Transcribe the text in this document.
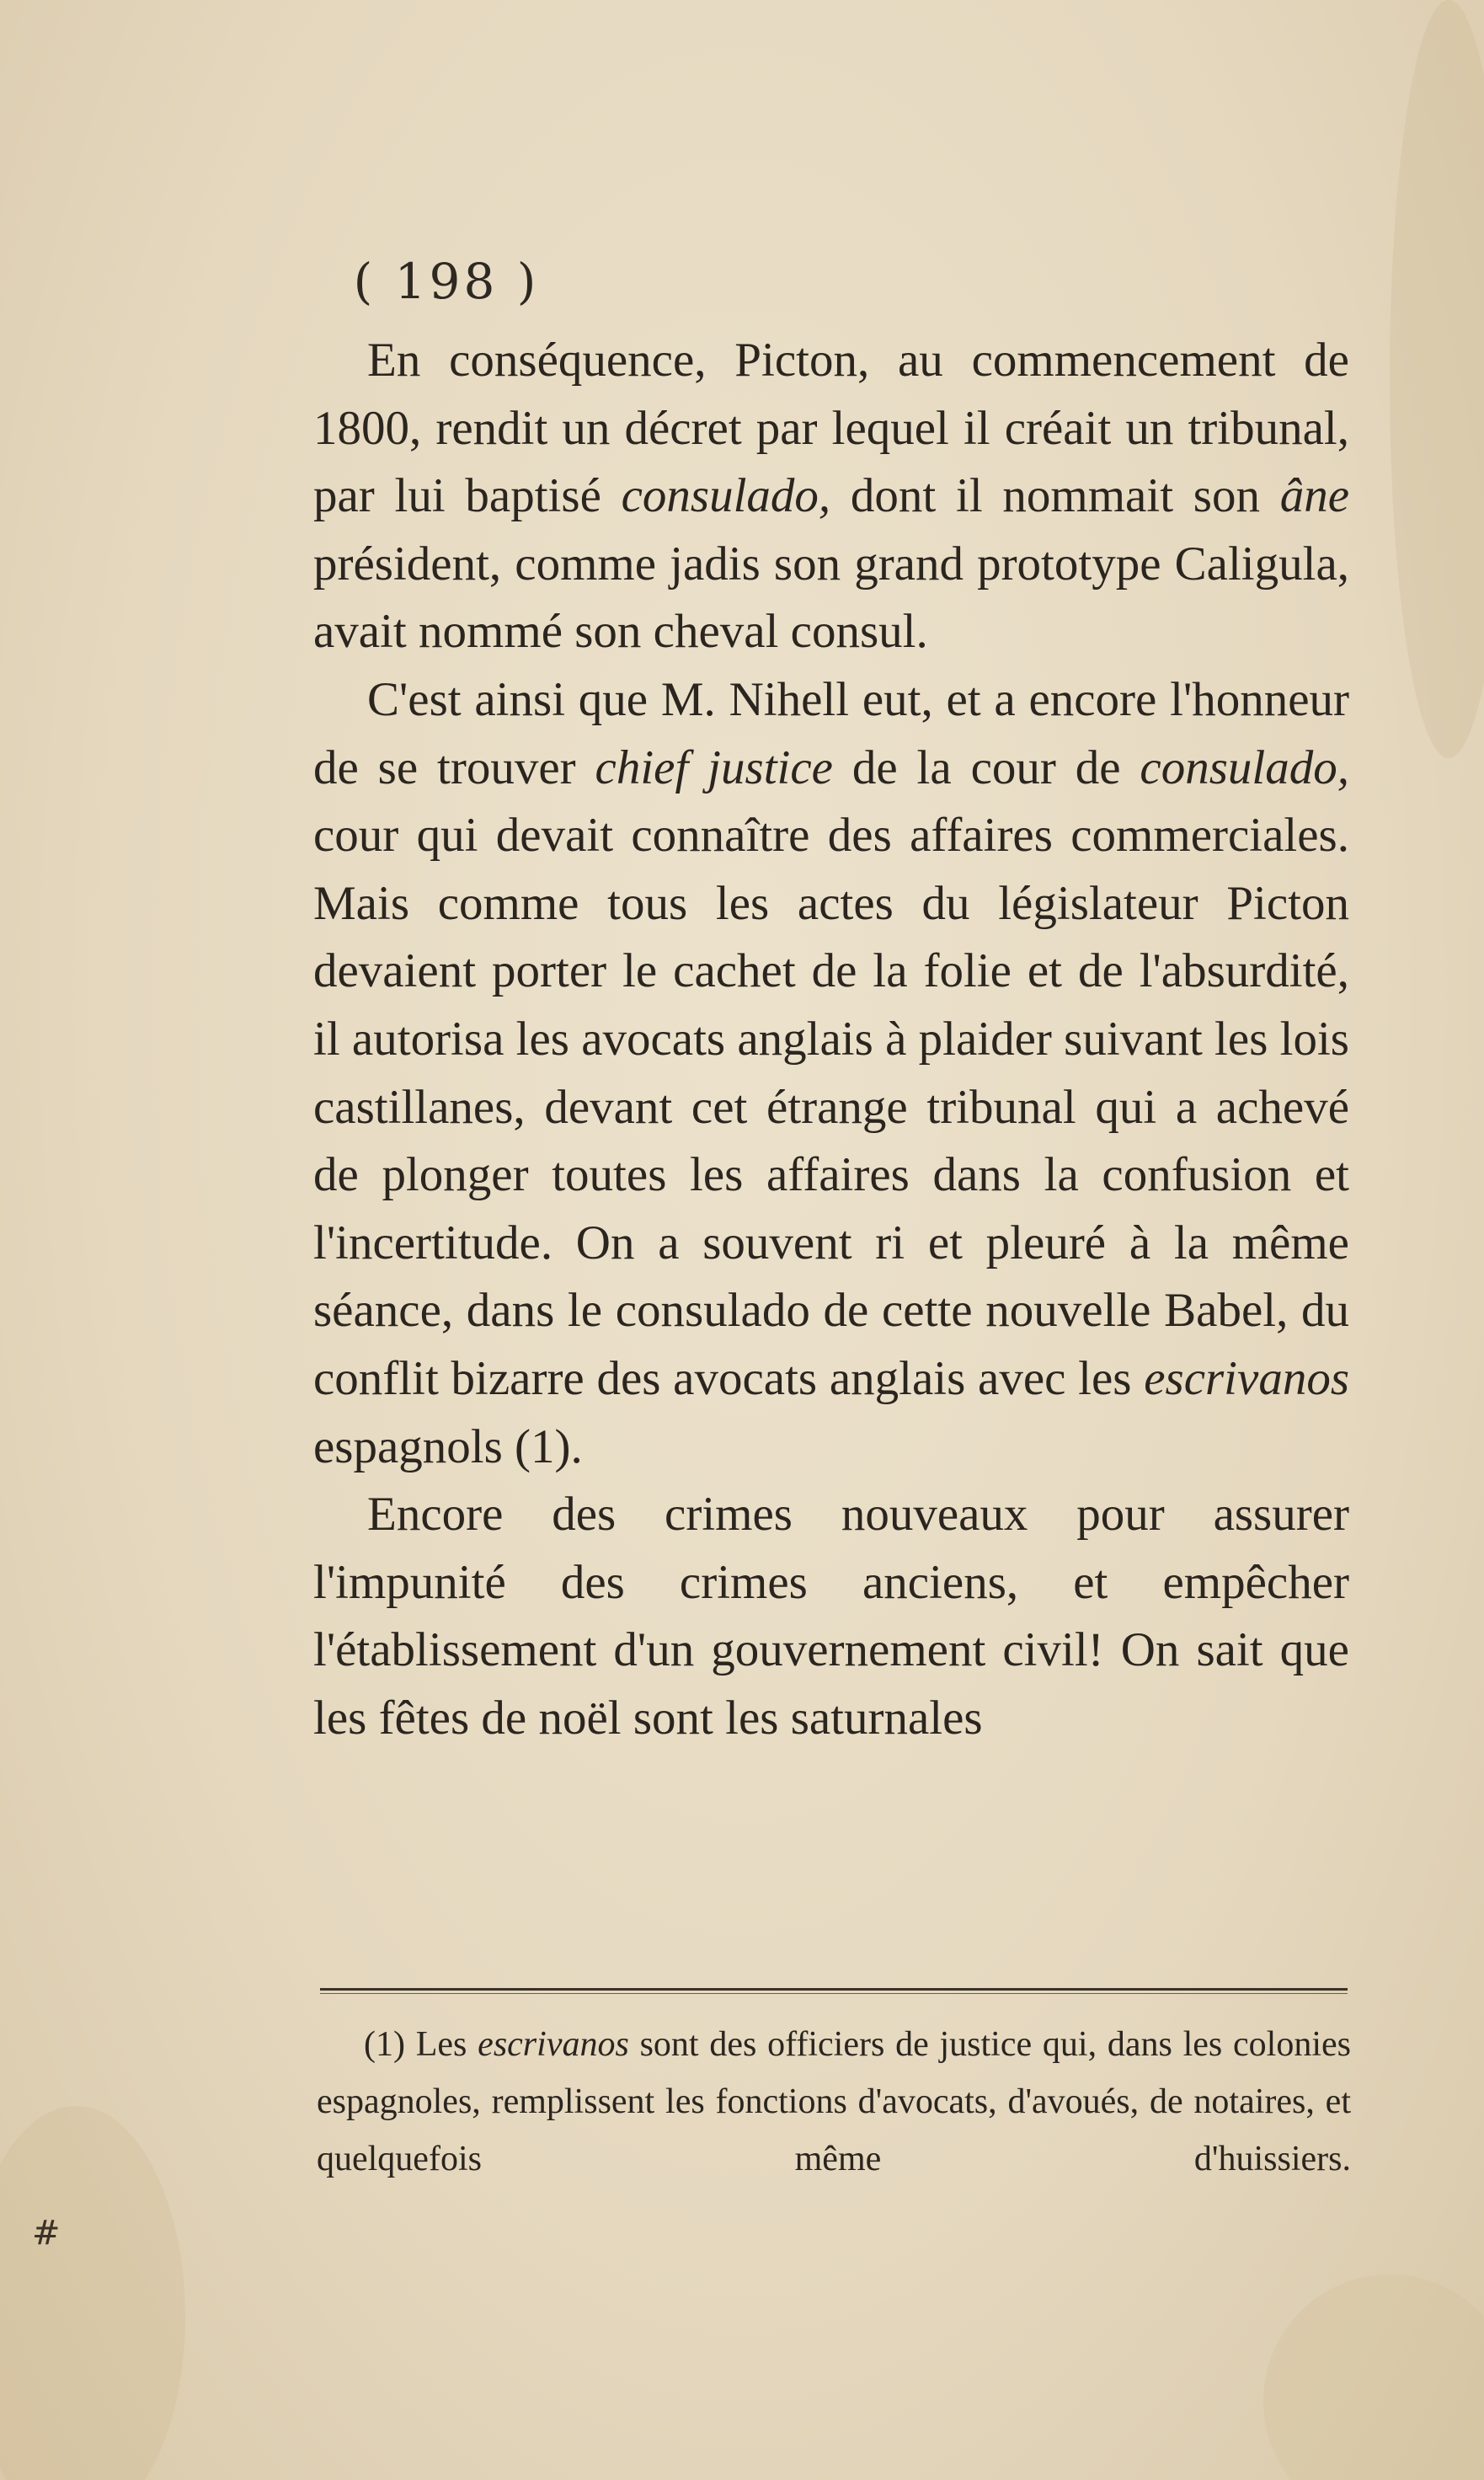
( 198 )

En conséquence, Picton, au commencement de 1800, rendit un décret par lequel il créait un tribunal, par lui baptisé consulado, dont il nommait son âne président, comme jadis son grand prototype Caligula, avait nommé son cheval consul.

C'est ainsi que M. Nihell eut, et a encore l'honneur de se trouver chief justice de la cour de consulado, cour qui devait connaître des affaires commerciales. Mais comme tous les actes du législateur Picton devaient porter le cachet de la folie et de l'absurdité, il autorisa les avocats anglais à plaider suivant les lois castillanes, devant cet étrange tribunal qui a achevé de plonger toutes les affaires dans la confusion et l'incertitude. On a souvent ri et pleuré à la même séance, dans le consulado de cette nouvelle Babel, du conflit bizarre des avocats anglais avec les escrivanos espagnols (1).

Encore des crimes nouveaux pour assurer l'impunité des crimes anciens, et empêcher l'établissement d'un gouvernement civil! On sait que les fêtes de noël sont les saturnales

(1) Les escrivanos sont des officiers de justice qui, dans les colonies espagnoles, remplissent les fonctions d'avocats, d'avoués, de notaires, et quelquefois même d'huissiers.

#
